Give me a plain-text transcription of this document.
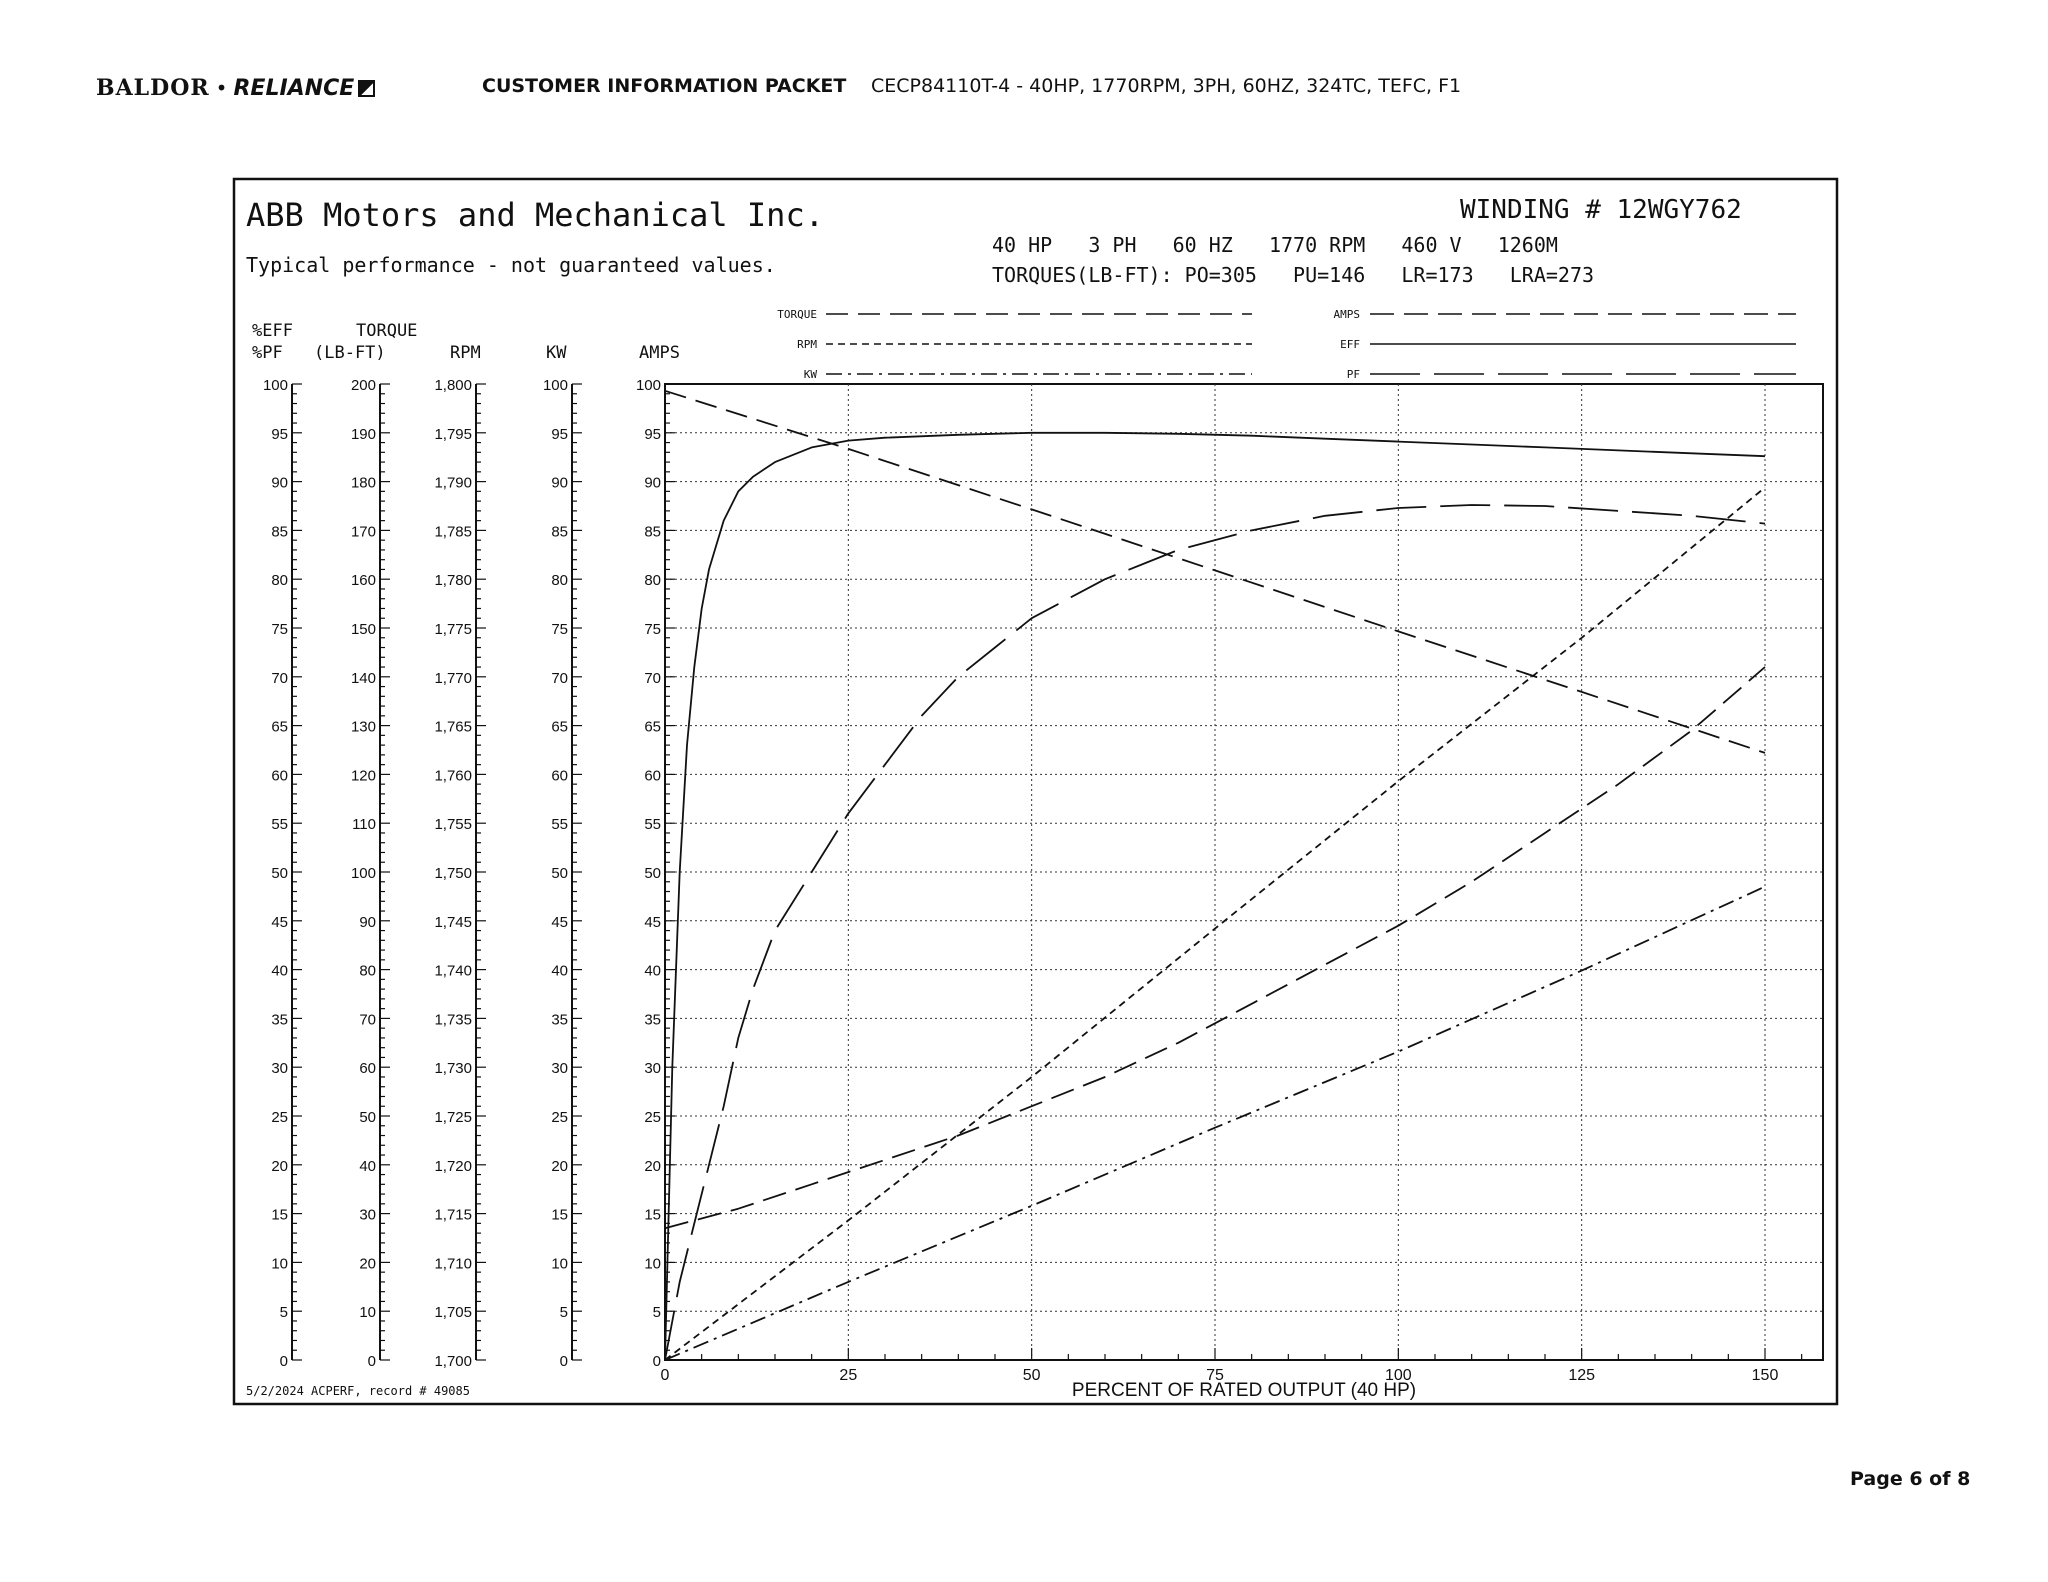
BALDOR • RELIANCE	CUSTOMER INFORMATION PACKET CECP84110T-4 - 40HP, 1770RPM, 3PH, 60HZ, 324TC, TEFC, F1
Page 6 of 8
ABB Motors and Mechanical Inc.
Typical performance - not guaranteed values.
WINDING # 12WGY762
40 HP   3 PH   60 HZ   1770 RPM   460 V   1260M
TORQUES(LB-FT): PO=305   PU=146   LR=173   LRA=273
5/2/2024 ACPERF, record # 49085	PERCENT OF RATED OUTPUT (40 HP)
100
95
90
85
80
75
70
65
60
55
50
45
40
35
30
25
20
15
10
5
0
%EFF
%PF
200
190
180
170
160
150
140
130
120
110
100
90
80
70
60
50
40
30
20
10
0
TORQUE
(LB-FT)
1,800
1,795
1,790
1,785
1,780
1,775
1,770
1,765
1,760
1,755
1,750
1,745
1,740
1,735
1,730
1,725
1,720
1,715
1,710
1,705
1,700
RPM
100
95
90
85
80
75
70
65
60
55
50
45
40
35
30
25
20
15
10
5
0
KW
100
95
90
85
80
75
70
65
60
55
50
45
40
35
30
25
20
15
10
5
0
AMPS
0	25	50	75	100	125	150
TORQUE
RPM
KW
AMPS
EFF
PF
